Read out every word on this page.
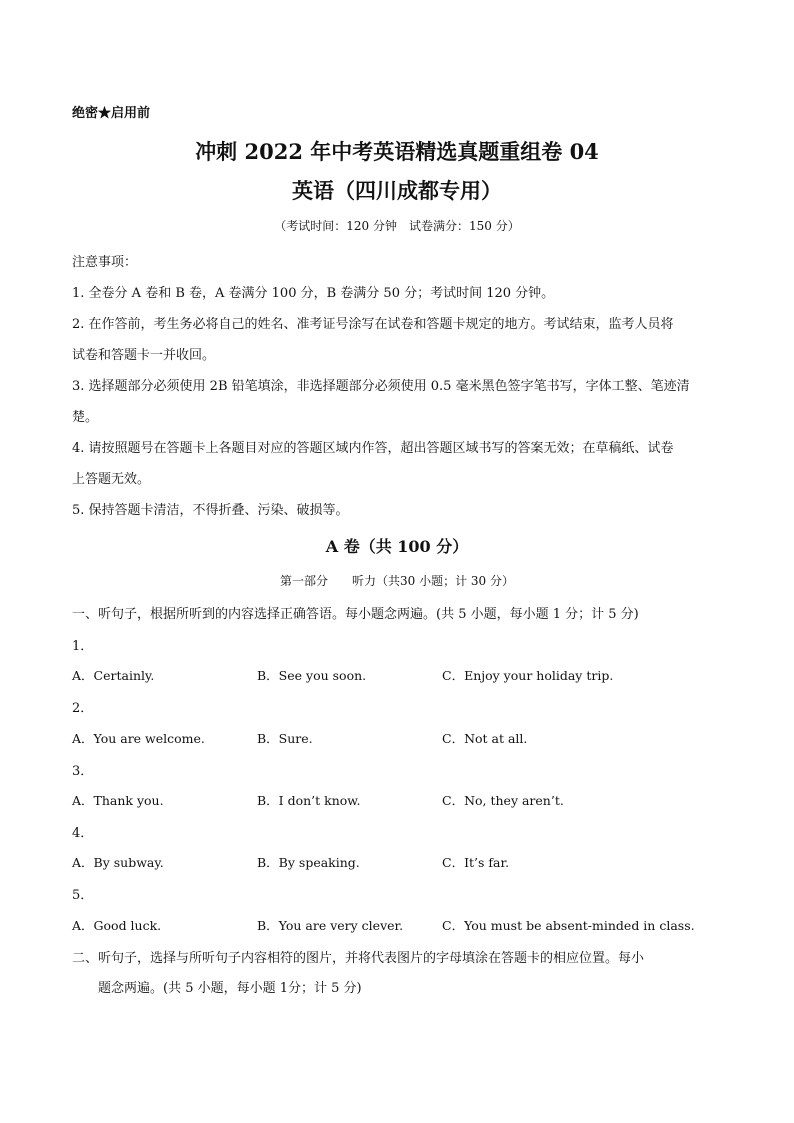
绝密★启用前
冲刺 2022 年中考英语精选真题重组卷 04
英语（四川成都专用）
（考试时间：120 分钟　试卷满分：150 分）
注意事项：
1. 全卷分 A 卷和 B 卷，A 卷满分 100 分，B 卷满分 50 分；考试时间 120 分钟。
2. 在作答前，考生务必将自己的姓名、准考证号涂写在试卷和答题卡规定的地方。考试结束，监考人员将
试卷和答题卡一并收回。
3. 选择题部分必须使用 2B 铅笔填涂，非选择题部分必须使用 0.5 毫米黑色签字笔书写，字体工整、笔迹清
楚。
4. 请按照题号在答题卡上各题目对应的答题区域内作答，超出答题区域书写的答案无效；在草稿纸、试卷
上答题无效。
5. 保持答题卡清洁，不得折叠、污染、破损等。
A 卷（共 100 分）
第一部分　　听力（共30 小题；计 30 分）
一、听句子，根据所听到的内容选择正确答语。每小题念两遍。(共 5 小题，每小题 1 分；计 5 分)
1．
A．Certainly.	B．See you soon.	C．Enjoy your holiday trip.
2．
A．You are welcome.	B．Sure.	C．Not at all.
3．
A．Thank you.	B．I don’t know.	C．No, they aren’t.
4．
A．By subway.	B．By speaking.	C．It’s far.
5．
A．Good luck.	B．You are very clever.	C．You must be absent-minded in class.
二、听句子，选择与所听句子内容相符的图片，并将代表图片的字母填涂在答题卡的相应位置。每小
题念两遍。(共 5 小题，每小题 1分；计 5 分)
